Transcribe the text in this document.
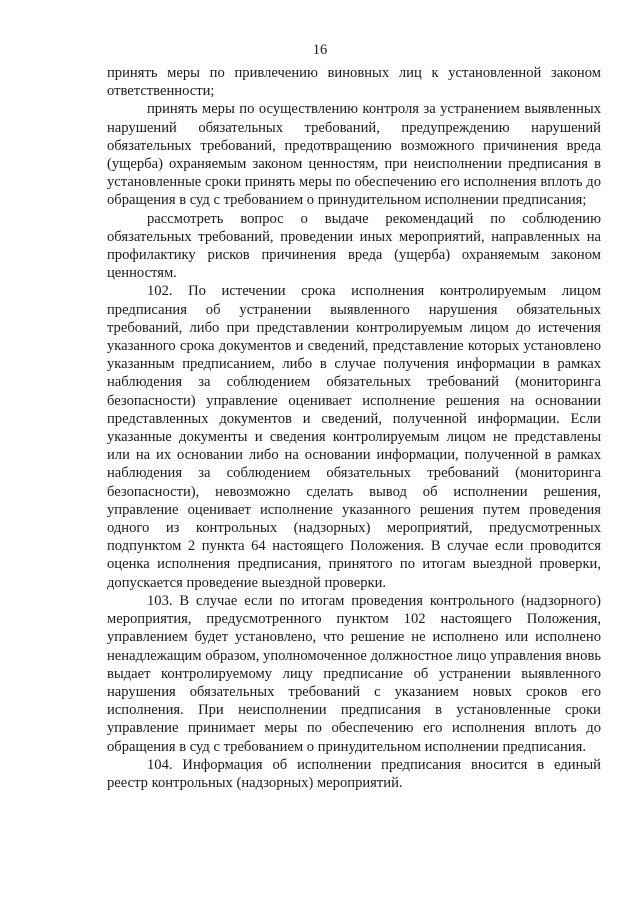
16

принять меры по привлечению виновных лиц к установленной законом ответственности;

принять меры по осуществлению контроля за устранением выявленных нарушений обязательных требований, предупреждению нарушений обязательных требований, предотвращению возможного причинения вреда (ущерба) охраняемым законом ценностям, при неисполнении предписания в установленные сроки принять меры по обеспечению его исполнения вплоть до обращения в суд с требованием о принудительном исполнении предписания;

рассмотреть вопрос о выдаче рекомендаций по соблюдению обязательных требований, проведении иных мероприятий, направленных на профилактику рисков причинения вреда (ущерба) охраняемым законом ценностям.

102. По истечении срока исполнения контролируемым лицом предписания об устранении выявленного нарушения обязательных требований, либо при представлении контролируемым лицом до истечения указанного срока документов и сведений, представление которых установлено указанным предписанием, либо в случае получения информации в рамках наблюдения за соблюдением обязательных требований (мониторинга безопасности) управление оценивает исполнение решения на основании представленных документов и сведений, полученной информации. Если указанные документы и сведения контролируемым лицом не представлены или на их основании либо на основании информации, полученной в рамках наблюдения за соблюдением обязательных требований (мониторинга безопасности), невозможно сделать вывод об исполнении решения, управление оценивает исполнение указанного решения путем проведения одного из контрольных (надзорных) мероприятий, предусмотренных подпунктом 2 пункта 64 настоящего Положения. В случае если проводится оценка исполнения предписания, принятого по итогам выездной проверки, допускается проведение выездной проверки.

103. В случае если по итогам проведения контрольного (надзорного) мероприятия, предусмотренного пунктом 102 настоящего Положения, управлением будет установлено, что решение не исполнено или исполнено ненадлежащим образом, уполномоченное должностное лицо управления вновь выдает контролируемому лицу предписание об устранении выявленного нарушения обязательных требований с указанием новых сроков его исполнения. При неисполнении предписания в установленные сроки управление принимает меры по обеспечению его исполнения вплоть до обращения в суд с требованием о принудительном исполнении предписания.

104. Информация об исполнении предписания вносится в единый реестр контрольных (надзорных) мероприятий.
